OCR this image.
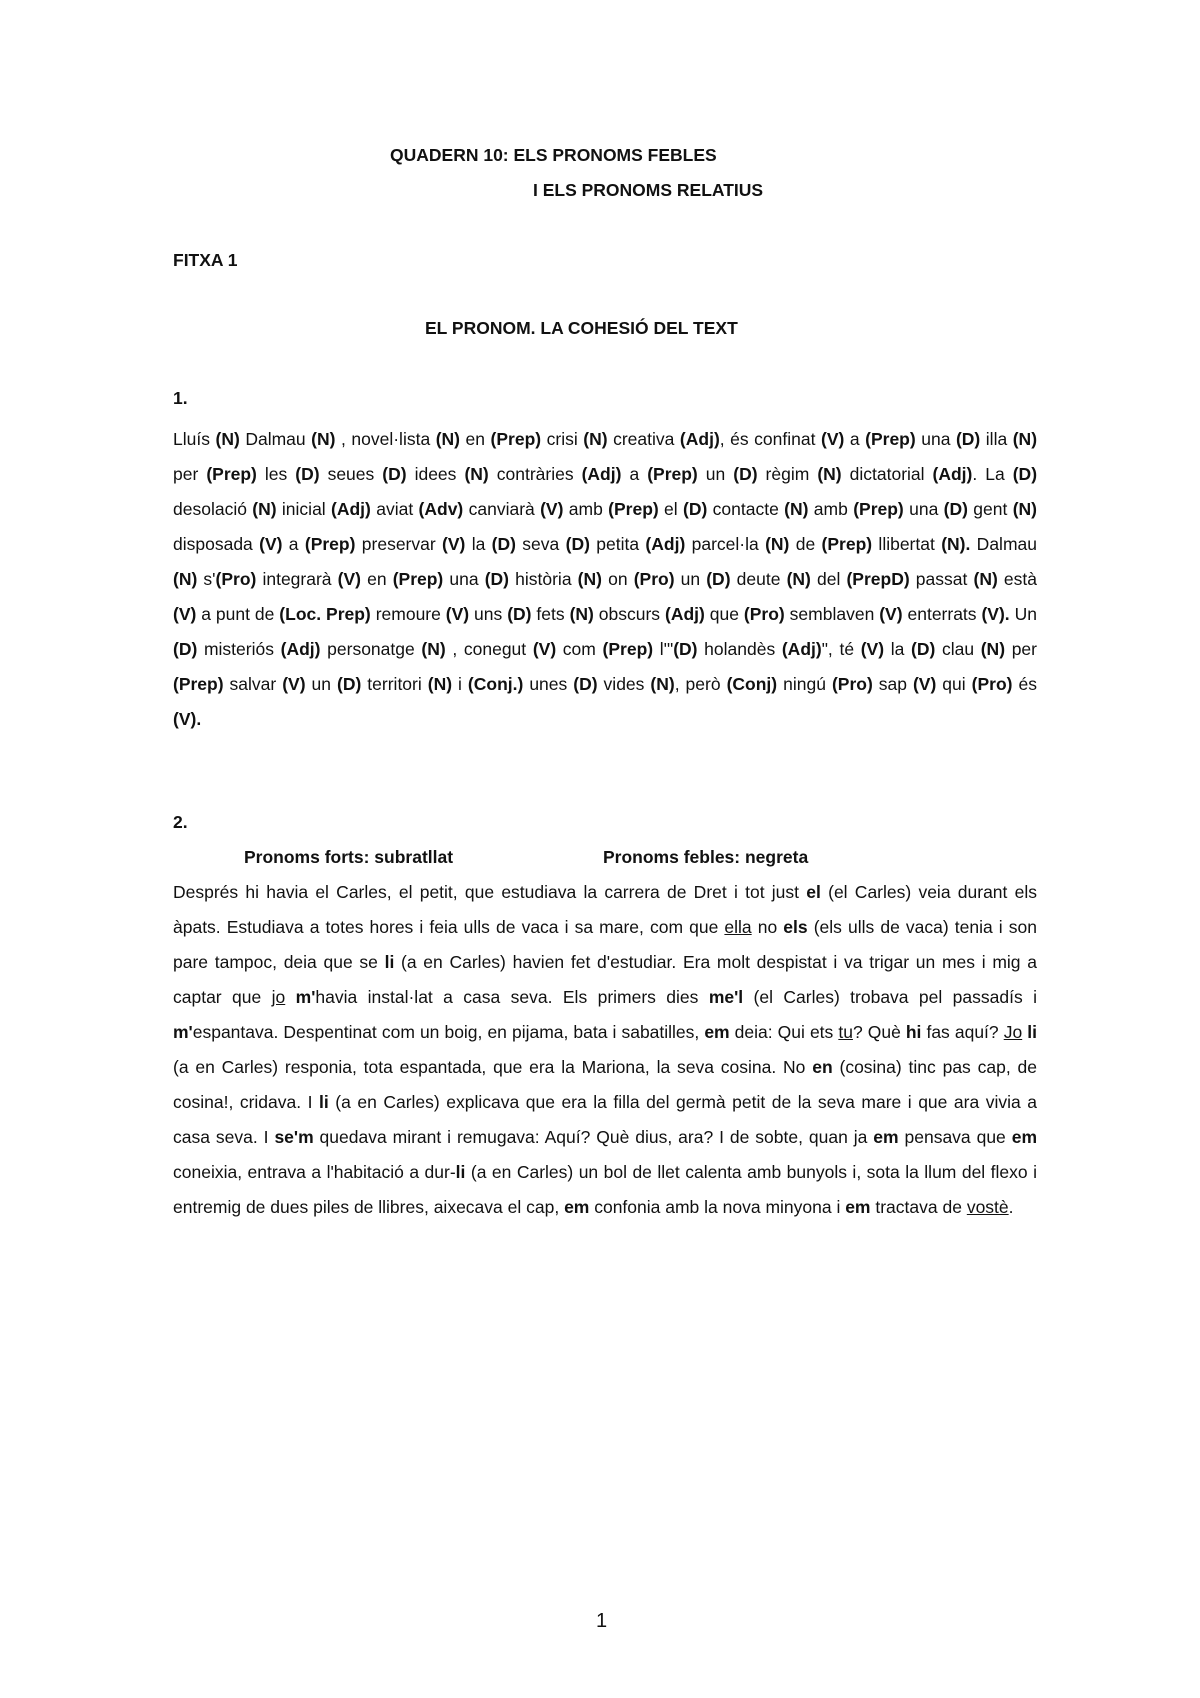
QUADERN 10: ELS PRONOMS FEBLES
I ELS PRONOMS RELATIUS
FITXA 1
EL PRONOM. LA COHESIÓ DEL TEXT
1.
Lluís (N) Dalmau (N) , novel·lista (N) en (Prep) crisi (N) creativa (Adj), és confinat (V) a (Prep) una (D) illa (N) per (Prep) les (D) seues (D) idees (N) contràries (Adj) a (Prep) un (D) règim (N) dictatorial (Adj). La (D) desolació (N) inicial (Adj) aviat (Adv) canviarà (V) amb (Prep) el (D) contacte (N) amb (Prep) una (D) gent (N) disposada (V) a (Prep) preservar (V) la (D) seva (D) petita (Adj) parcel·la (N) de (Prep) llibertat (N). Dalmau (N) s'(Pro) integrarà (V) en (Prep) una (D) història (N) on (Pro) un (D) deute (N) del (PrepD) passat (N) està (V) a punt de (Loc. Prep) remoure (V) uns (D) fets (N) obscurs (Adj) que (Pro) semblaven (V) enterrats (V). Un (D) misteriós (Adj) personatge (N) , conegut (V) com (Prep) l'"(D) holandès (Adj)", té (V) la (D) clau (N) per (Prep) salvar (V) un (D) territori (N) i (Conj.) unes (D) vides (N), però (Conj) ningú (Pro) sap (V) qui (Pro) és (V).
2.
Pronoms forts: subratllat	Pronoms febles: negreta
Després hi havia el Carles, el petit, que estudiava la carrera de Dret i tot just el (el Carles) veia durant els àpats. Estudiava a totes hores i feia ulls de vaca i sa mare, com que ella no els (els ulls de vaca) tenia i son pare tampoc, deia que se li (a en Carles) havien fet d'estudiar. Era molt despistat i va trigar un mes i mig a captar que jo m'havia instal·lat a casa seva. Els primers dies me'l (el Carles) trobava pel passadís i m'espantava. Despentinat com un boig, en pijama, bata i sabatilles, em deia: Qui ets tu? Què hi fas aquí? Jo li (a en Carles) responia, tota espantada, que era la Mariona, la seva cosina. No en (cosina) tinc pas cap, de cosina!, cridava. I li (a en Carles) explicava que era la filla del germà petit de la seva mare i que ara vivia a casa seva. I se'm quedava mirant i remugava: Aquí? Què dius, ara? I de sobte, quan ja em pensava que em coneixia, entrava a l'habitació a dur-li (a en Carles) un bol de llet calenta amb bunyols i, sota la llum del flexo i entremig de dues piles de llibres, aixecava el cap, em confonia amb la nova minyona i em tractava de vostè.
1
